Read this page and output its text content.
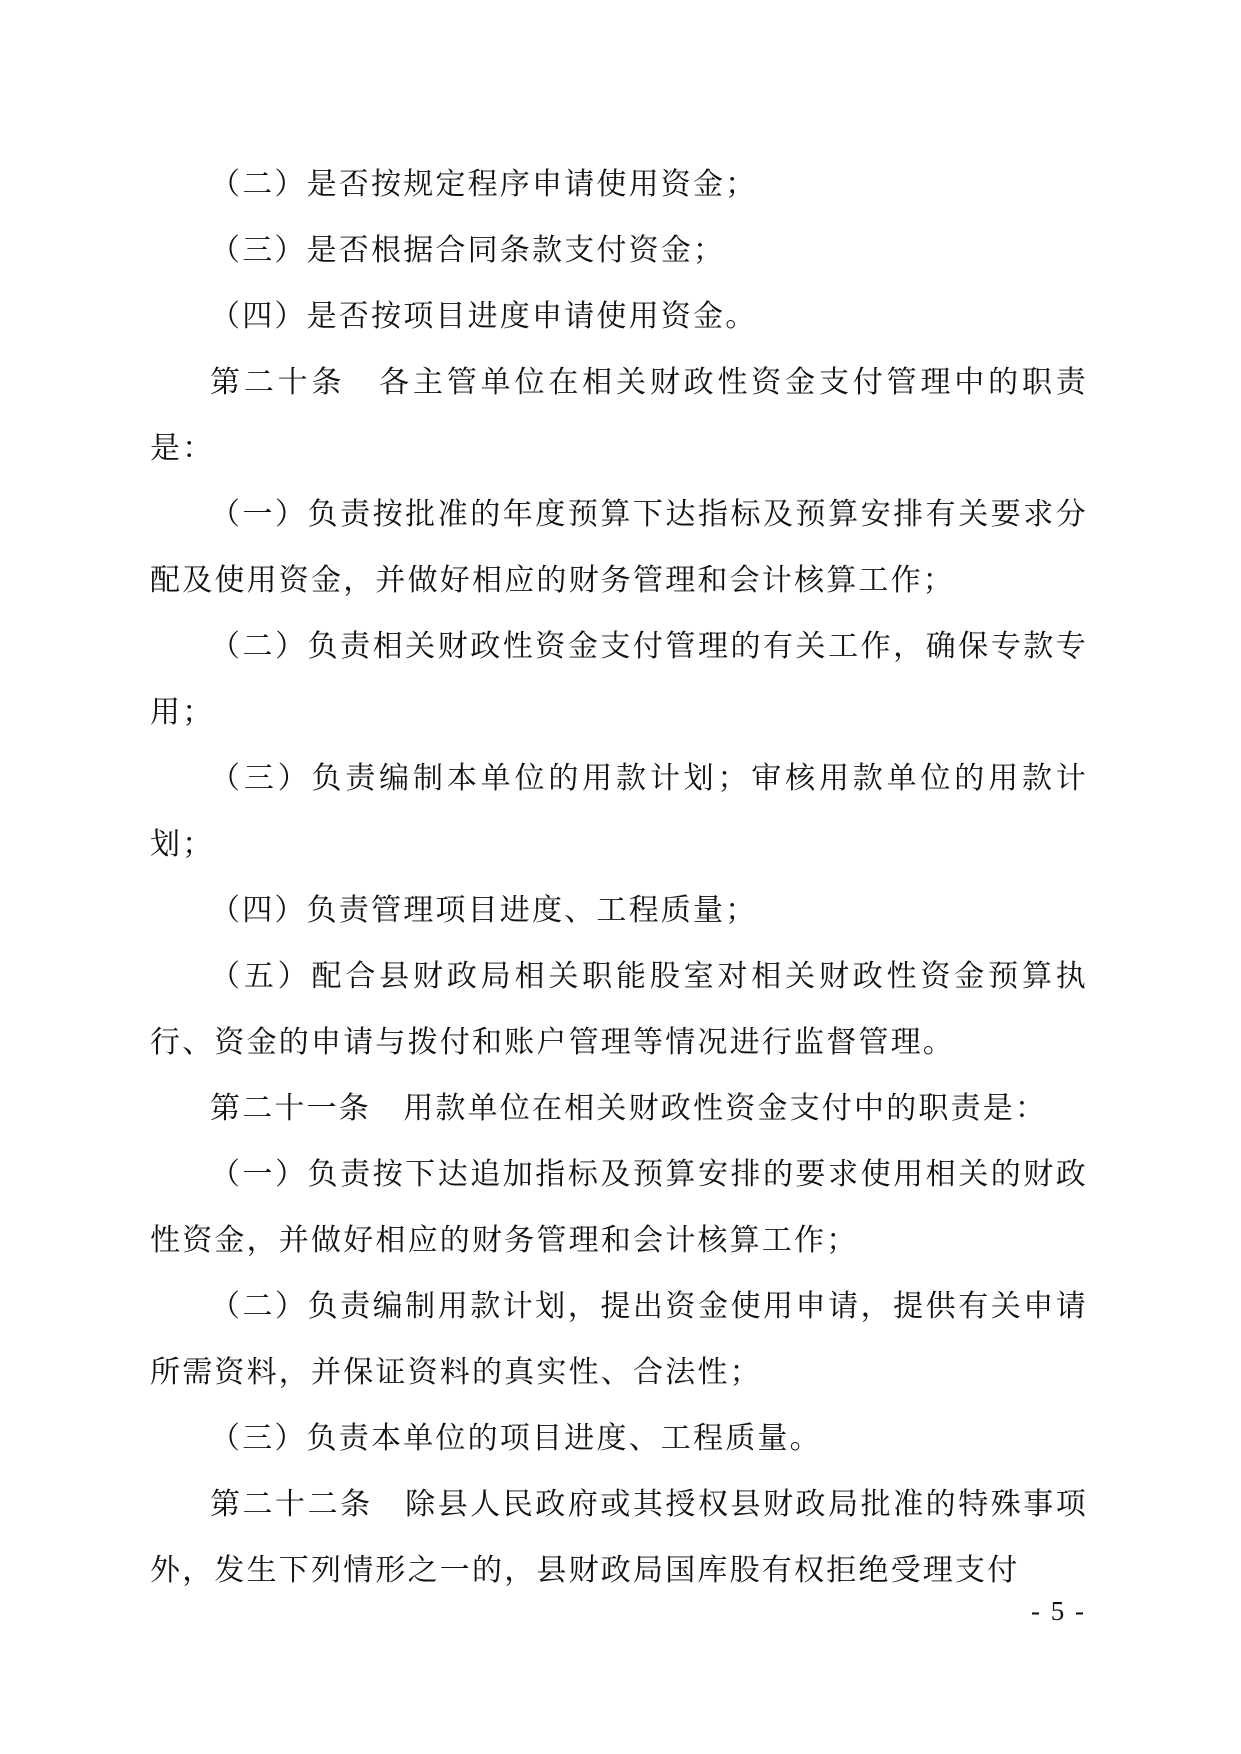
（二）是否按规定程序申请使用资金；

（三）是否根据合同条款支付资金；

（四）是否按项目进度申请使用资金。

第二十条　各主管单位在相关财政性资金支付管理中的职责是：

（一）负责按批准的年度预算下达指标及预算安排有关要求分配及使用资金，并做好相应的财务管理和会计核算工作；

（二）负责相关财政性资金支付管理的有关工作，确保专款专用；

（三）负责编制本单位的用款计划；审核用款单位的用款计划；

（四）负责管理项目进度、工程质量；

（五）配合县财政局相关职能股室对相关财政性资金预算执行、资金的申请与拨付和账户管理等情况进行监督管理。

第二十一条　用款单位在相关财政性资金支付中的职责是：

（一）负责按下达追加指标及预算安排的要求使用相关的财政性资金，并做好相应的财务管理和会计核算工作；

（二）负责编制用款计划，提出资金使用申请，提供有关申请所需资料，并保证资料的真实性、合法性；

（三）负责本单位的项目进度、工程质量。

第二十二条　除县人民政府或其授权县财政局批准的特殊事项外，发生下列情形之一的，县财政局国库股有权拒绝受理支付

- 5 -
